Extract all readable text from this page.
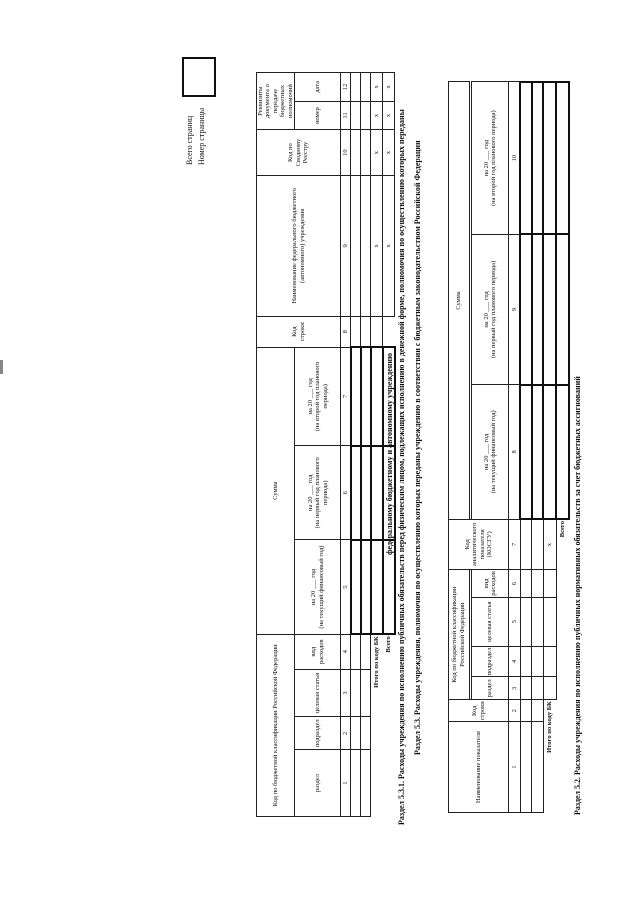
Раздел 5.2. Расходы учреждения по исполнению публичных нормативных обязательств за счет бюджетных ассигнований
Наименование показателя	Код строки	Код по бюджетной классификации Российской Федерации				Код аналитического показателя (КОСГУ)	Сумма		

		раздел	подраздел	целевая статья	вид расходов		на 20 ___ год
(на текущий финансовый год)	на 20 ___ год
(на первый год планового периода)	на 20 ___ год
(на второй год планового периода)
1	2	3	4	5	6	7	8	9	10

Итого по коду БК						x			
Всего									
Раздел 5.3. Расходы учреждения, полномочия по осуществлению которых переданы учреждению в соответствии с бюджетным законодательством Российской Федерации
Раздел 5.3.1. Расходы учреждения по исполнению публичных обязательств перед физическим лицом, подлежащих исполнению в денежной форме, полномочия по осуществлению которых переданы
федеральному бюджетному и автономному учреждению
Код по бюджетной классификации Российской Федерации				Сумма			Код строки	Наименование федерального бюджетного (автономного) учреждения	Код по Сводному Реестру	Реквизиты документа о передаче бюджетных полномочий	
раздел	подраздел	целевая статья	вид расходов	на 20 ___ год
(на текущий финансовый год)	на 20 ___ год
(на первый год планового периода)	на 20 ___ год
(на второй год планового периода)				номер	дата
1	2	3	4	5	6	7	8	9	10	11	12

Итого по коду БК								x	x	x	x
Всего								x	x	x	x
Номер страницы
Всего страниц
